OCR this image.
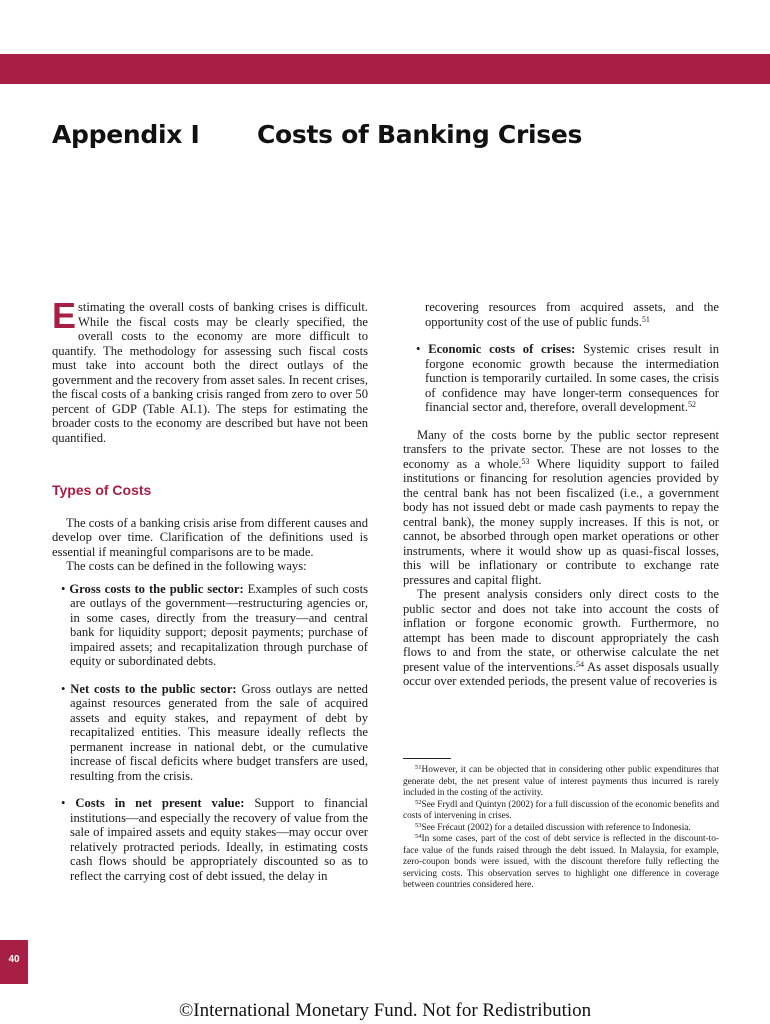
Appendix I Costs of Banking Crises

Estimating the overall costs of banking crises is difficult. While the fiscal costs may be clearly specified, the overall costs to the economy are more difficult to quantify. The methodology for assessing such fiscal costs must take into account both the direct outlays of the government and the recovery from asset sales. In recent crises, the fiscal costs of a banking crisis ranged from zero to over 50 percent of GDP (Table AI.1). The steps for estimating the broader costs to the economy are described but have not been quantified.

Types of Costs

The costs of a banking crisis arise from different causes and develop over time. Clarification of the definitions used is essential if meaningful comparisons are to be made.

The costs can be defined in the following ways:

• Gross costs to the public sector: Examples of such costs are outlays of the government—restructuring agencies or, in some cases, directly from the treasury—and central bank for liquidity support; deposit payments; purchase of impaired assets; and recapitalization through purchase of equity or subordinated debts.
• Net costs to the public sector: Gross outlays are netted against resources generated from the sale of acquired assets and equity stakes, and repayment of debt by recapitalized entities. This measure ideally reflects the permanent increase in national debt, or the cumulative increase of fiscal deficits where budget transfers are used, resulting from the crisis.
• Costs in net present value: Support to financial institutions—and especially the recovery of value from the sale of impaired assets and equity stakes—may occur over relatively protracted periods. Ideally, in estimating costs cash flows should be appropriately discounted so as to reflect the carrying cost of debt issued, the delay in
recovering resources from acquired assets, and the opportunity cost of the use of public funds.$^{51}$
• Economic costs of crises: Systemic crises result in forgone economic growth because the intermediation function is temporarily curtailed. In some cases, the crisis of confidence may have longer-term consequences for financial sector and, therefore, overall development.$^{52}$

Many of the costs borne by the public sector represent transfers to the private sector. These are not losses to the economy as a whole.$^{53}$ Where liquidity support to failed institutions or financing for resolution agencies provided by the central bank has not been fiscalized (i.e., a government body has not issued debt or made cash payments to repay the central bank), the money supply increases. If this is not, or cannot, be absorbed through open market operations or other instruments, where it would show up as quasi-fiscal losses, this will be inflationary or contribute to exchange rate pressures and capital flight.

The present analysis considers only direct costs to the public sector and does not take into account the costs of inflation or forgone economic growth. Furthermore, no attempt has been made to discount appropriately the cash flows to and from the state, or otherwise calculate the net present value of the interventions.$^{54}$ As asset disposals usually occur over extended periods, the present value of recoveries is

$^{51}$However, it can be objected that in considering other public expenditures that generate debt, the net present value of interest payments thus incurred is rarely included in the costing of the activity.

$^{52}$See Frydl and Quintyn (2002) for a full discussion of the economic benefits and costs of intervening in crises.

$^{53}$See Frécaut (2002) for a detailed discussion with reference to Indonesia.

$^{54}$In some cases, part of the cost of debt service is reflected in the discount-to-face value of the funds raised through the debt issued. In Malaysia, for example, zero-coupon bonds were issued, with the discount therefore fully reflecting the servicing costs. This observation serves to highlight one difference in coverage between countries considered here.

40
©International Monetary Fund. Not for Redistribution
